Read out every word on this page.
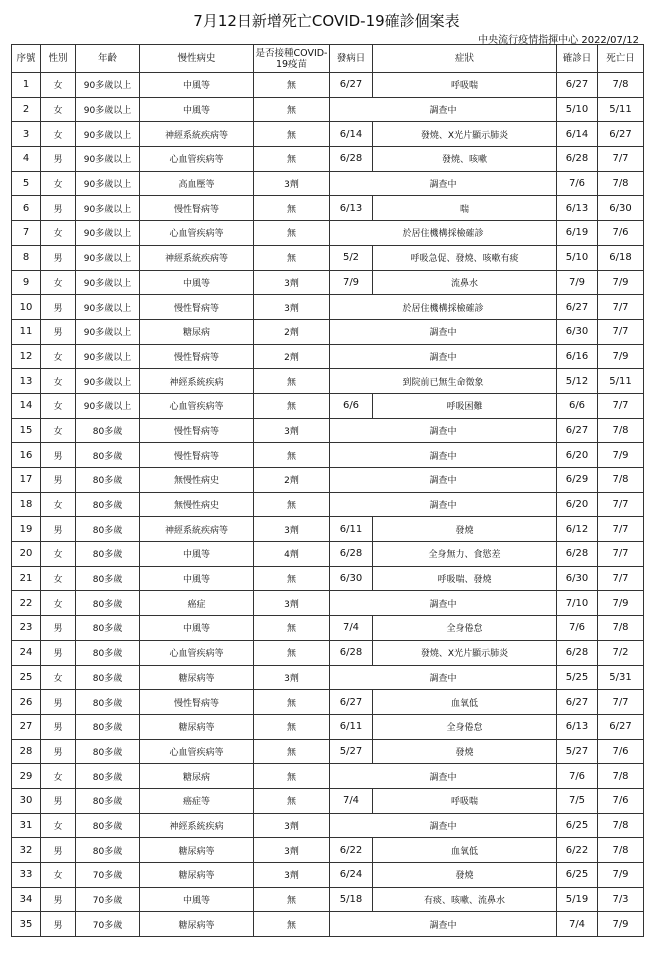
7月12日新增死亡COVID-19確診個案表
中央流行疫情指揮中心 2022/07/12
序號	性別	年齡	慢性病史	是否接種COVID-19疫苗	發病日	症狀	確診日	死亡日
1	女	90多歲以上	中風等	無	6/27	呼吸喘	6/27	7/8
2	女	90多歲以上	中風等	無	調查中		5/10	5/11
3	女	90多歲以上	神經系統疾病等	無	6/14	發燒、X光片顯示肺炎	6/14	6/27
4	男	90多歲以上	心血管疾病等	無	6/28	發燒、咳嗽	6/28	7/7
5	女	90多歲以上	高血壓等	3劑	調查中		7/6	7/8
6	男	90多歲以上	慢性腎病等	無	6/13	喘	6/13	6/30
7	女	90多歲以上	心血管疾病等	無	於居住機構採檢確診		6/19	7/6
8	男	90多歲以上	神經系統疾病等	無	5/2	呼吸急促、發燒、咳嗽有痰	5/10	6/18
9	女	90多歲以上	中風等	3劑	7/9	流鼻水	7/9	7/9
10	男	90多歲以上	慢性腎病等	3劑	於居住機構採檢確診		6/27	7/7
11	男	90多歲以上	糖尿病	2劑	調查中		6/30	7/7
12	女	90多歲以上	慢性腎病等	2劑	調查中		6/16	7/9
13	女	90多歲以上	神經系統疾病	無	到院前已無生命徵象		5/12	5/11
14	女	90多歲以上	心血管疾病等	無	6/6	呼吸困難	6/6	7/7
15	女	80多歲	慢性腎病等	3劑	調查中		6/27	7/8
16	男	80多歲	慢性腎病等	無	調查中		6/20	7/9
17	男	80多歲	無慢性病史	2劑	調查中		6/29	7/8
18	女	80多歲	無慢性病史	無	調查中		6/20	7/7
19	男	80多歲	神經系統疾病等	3劑	6/11	發燒	6/12	7/7
20	女	80多歲	中風等	4劑	6/28	全身無力、食慾差	6/28	7/7
21	女	80多歲	中風等	無	6/30	呼吸喘、發燒	6/30	7/7
22	女	80多歲	癌症	3劑	調查中		7/10	7/9
23	男	80多歲	中風等	無	7/4	全身倦怠	7/6	7/8
24	男	80多歲	心血管疾病等	無	6/28	發燒、X光片顯示肺炎	6/28	7/2
25	女	80多歲	糖尿病等	3劑	調查中		5/25	5/31
26	男	80多歲	慢性腎病等	無	6/27	血氧低	6/27	7/7
27	男	80多歲	糖尿病等	無	6/11	全身倦怠	6/13	6/27
28	男	80多歲	心血管疾病等	無	5/27	發燒	5/27	7/6
29	女	80多歲	糖尿病	無	調查中		7/6	7/8
30	男	80多歲	癌症等	無	7/4	呼吸喘	7/5	7/6
31	女	80多歲	神經系統疾病	3劑	調查中		6/25	7/8
32	男	80多歲	糖尿病等	3劑	6/22	血氧低	6/22	7/8
33	女	70多歲	糖尿病等	3劑	6/24	發燒	6/25	7/9
34	男	70多歲	中風等	無	5/18	有痰、咳嗽、流鼻水	5/19	7/3
35	男	70多歲	糖尿病等	無	調查中		7/4	7/9
